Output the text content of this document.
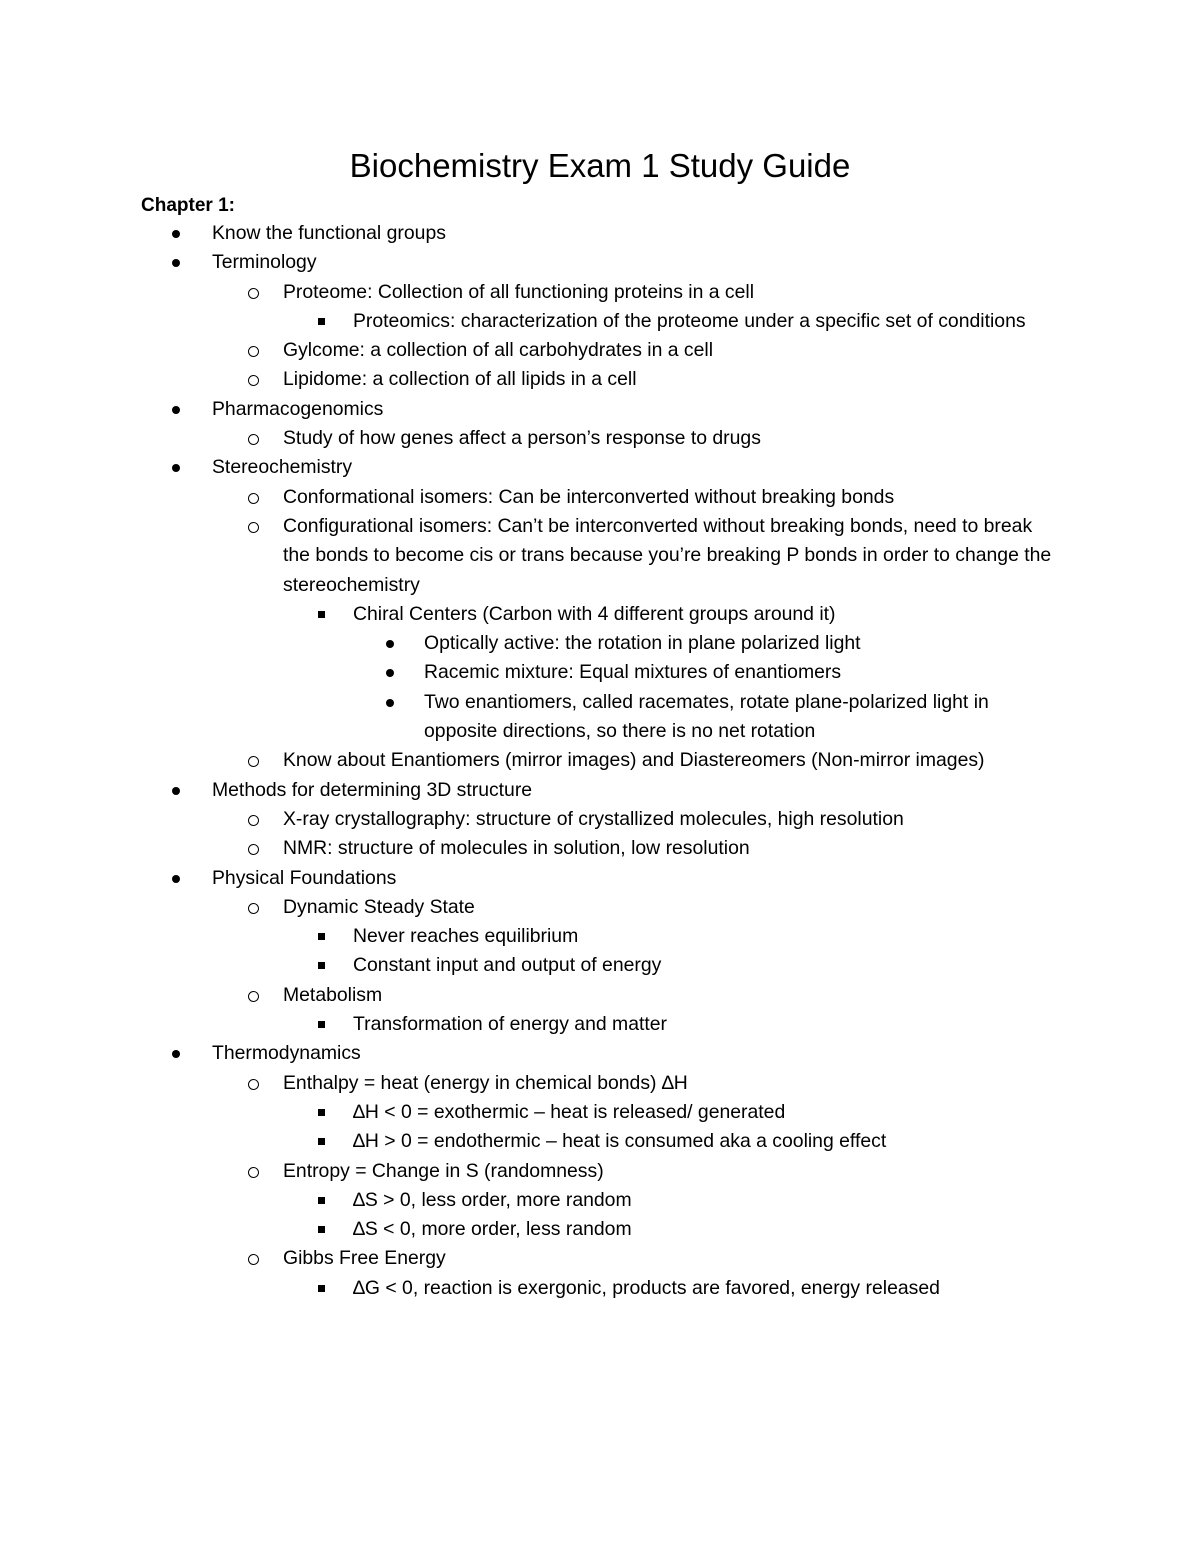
Biochemistry Exam 1 Study Guide
Chapter 1:
Know the functional groups
Terminology
Proteome: Collection of all functioning proteins in a cell
Proteomics: characterization of the proteome under a specific set of conditions
Gylcome: a collection of all carbohydrates in a cell
Lipidome: a collection of all lipids in a cell
Pharmacogenomics
Study of how genes affect a person’s response to drugs
Stereochemistry
Conformational isomers: Can be interconverted without breaking bonds
Configurational isomers: Can’t be interconverted without breaking bonds, need to break the bonds to become cis or trans because you’re breaking P bonds in order to change the stereochemistry
Chiral Centers (Carbon with 4 different groups around it)
Optically active: the rotation in plane polarized light
Racemic mixture: Equal mixtures of enantiomers
Two enantiomers, called racemates, rotate plane-polarized light in opposite directions, so there is no net rotation
Know about Enantiomers (mirror images) and Diastereomers (Non-mirror images)
Methods for determining 3D structure
X-ray crystallography: structure of crystallized molecules, high resolution
NMR: structure of molecules in solution, low resolution
Physical Foundations
Dynamic Steady State
Never reaches equilibrium
Constant input and output of energy
Metabolism
Transformation of energy and matter
Thermodynamics
Enthalpy = heat (energy in chemical bonds) ∆H
∆H < 0 = exothermic – heat is released/ generated
∆H > 0 = endothermic – heat is consumed aka a cooling effect
Entropy = Change in S (randomness)
∆S > 0, less order, more random
∆S < 0, more order, less random
Gibbs Free Energy
∆G < 0, reaction is exergonic, products are favored, energy released
